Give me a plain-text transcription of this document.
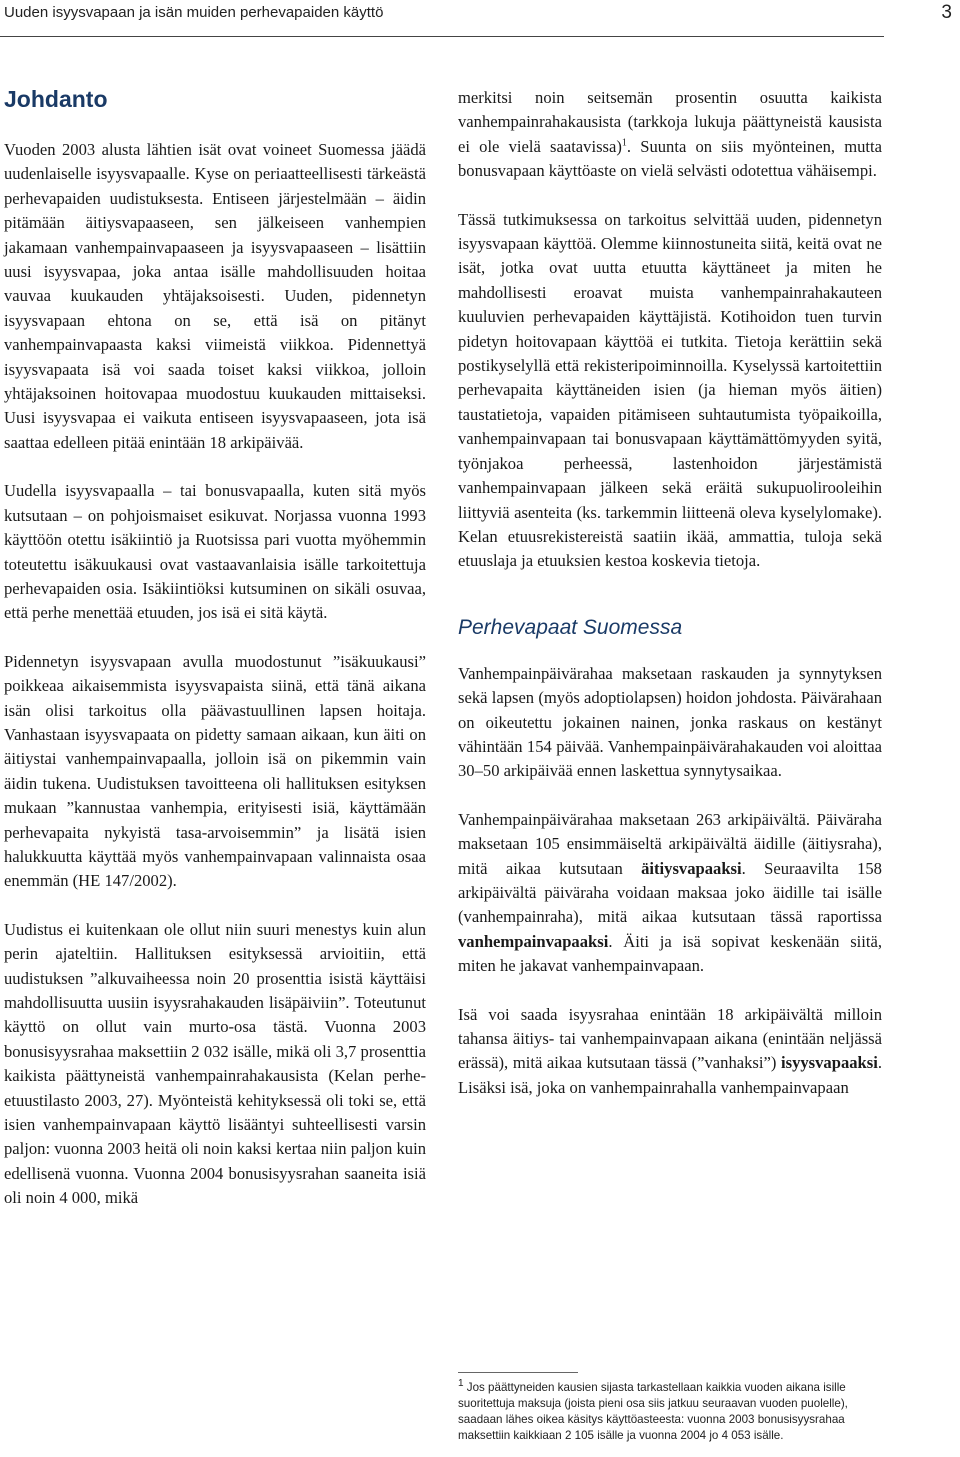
Uuden isyysvapaan ja isän muiden perhevapaiden käyttö	3
Johdanto

Vuoden 2003 alusta lähtien isät ovat voineet Suomessa jäädä uudenlaiselle isyysvapaalle. Kyse on periaatteellisesti tärkeästä perhevapaiden uudistuksesta. Entiseen järjestelmään – äidin pitämään äitiysvapaaseen, sen jälkeiseen vanhempien jakamaan vanhempainvapaaseen ja isyysvapaaseen – lisättiin uusi isyysvapaa, joka antaa isälle mahdollisuuden hoitaa vauvaa kuukauden yhtäjaksoisesti. Uuden, pidennetyn isyysvapaan ehtona on se, että isä on pitänyt vanhempainvapaasta kaksi viimeistä viikkoa. Pidennettyä isyysvapaata isä voi saada toiset kaksi viikkoa, jolloin yhtäjaksoinen hoitovapaa muodostuu kuukauden mittaiseksi. Uusi isyysvapaa ei vaikuta entiseen isyysvapaaseen, jota isä saattaa edelleen pitää enintään 18 arkipäivää.

Uudella isyysvapaalla – tai bonusvapaalla, kuten sitä myös kutsutaan – on pohjoismaiset esikuvat. Norjassa vuonna 1993 käyttöön otettu isäkiintiö ja Ruotsissa pari vuotta myöhemmin toteutettu isäkuukausi ovat vastaavanlaisia isälle tarkoitettuja perhevapaiden osia. Isäkiintiöksi kutsuminen on sikäli osuvaa, että perhe menettää etuuden, jos isä ei sitä käytä.

Pidennetyn isyysvapaan avulla muodostunut ”isäkuukausi” poikkeaa aikaisemmista isyysvapaista siinä, että tänä aikana isän olisi tarkoitus olla päävastuullinen lapsen hoitaja. Vanhastaan isyysvapaata on pidetty samaan aikaan, kun äiti on äitiystai vanhempainvapaalla, jolloin isä on pikemmin vain äidin tukena. Uudistuksen tavoitteena oli hallituksen esityksen mukaan ”kannustaa vanhempia, erityisesti isiä, käyttämään perhevapaita nykyistä tasa-arvoisemmin” ja lisätä isien halukkuutta käyttää myös vanhempainvapaan valinnaista osaa enemmän (HE 147/2002).

Uudistus ei kuitenkaan ole ollut niin suuri menestys kuin alun perin ajateltiin. Hallituksen esityksessä arvioitiin, että uudistuksen ”alkuvaiheessa noin 20 prosenttia isistä käyttäisi mahdollisuutta uusiin isyysrahakauden lisäpäiviin”. Toteutunut käyttö on ollut vain murto-osa tästä. Vuonna 2003 bonusisyysrahaa maksettiin 2 032 isälle, mikä oli 3,7 prosenttia kaikista päättyneistä vanhempainrahakausista (Kelan perhe-etuustilasto 2003, 27). Myönteistä kehityksessä oli toki se, että isien vanhempainvapaan käyttö lisääntyi suhteellisesti varsin paljon: vuonna 2003 heitä oli noin kaksi kertaa niin paljon kuin edellisenä vuonna. Vuonna 2004 bonusisyysrahan saaneita isiä oli noin 4 000, mikä

merkitsi noin seitsemän prosentin osuutta kaikista vanhempainrahakausista (tarkkoja lukuja päättyneistä kausista ei ole vielä saatavissa)$^1$. Suunta on siis myönteinen, mutta bonusvapaan käyttöaste on vielä selvästi odotettua vähäisempi.

Tässä tutkimuksessa on tarkoitus selvittää uuden, pidennetyn isyysvapaan käyttöä. Olemme kiinnostuneita siitä, keitä ovat ne isät, jotka ovat uutta etuutta käyttäneet ja miten he mahdollisesti eroavat muista vanhempainrahakauteen kuuluvien perhevapaiden käyttäjistä. Kotihoidon tuen turvin pidetyn hoitovapaan käyttöä ei tutkita. Tietoja kerättiin sekä postikyselyllä että rekisteripoiminnoilla. Kyselyssä kartoitettiin perhevapaita käyttäneiden isien (ja hieman myös äitien) taustatietoja, vapaiden pitämiseen suhtautumista työpaikoilla, vanhempainvapaan tai bonusvapaan käyttämättömyyden syitä, työnjakoa perheessä, lastenhoidon järjestämistä vanhempainvapaan jälkeen sekä eräitä sukupuolirooleihin liittyviä asenteita (ks. tarkemmin liitteenä oleva kyselylomake). Kelan etuusrekistereistä saatiin ikää, ammattia, tuloja sekä etuuslaja ja etuuksien kestoa koskevia tietoja.

Perhevapaat Suomessa

Vanhempainpäivärahaa maksetaan raskauden ja synnytyksen sekä lapsen (myös adoptiolapsen) hoidon johdosta. Päivärahaan on oikeutettu jokainen nainen, jonka raskaus on kestänyt vähintään 154 päivää. Vanhempainpäivärahakauden voi aloittaa 30–50 arkipäivää ennen laskettua synnytysaikaa.

Vanhempainpäivärahaa maksetaan 263 arkipäivältä. Päiväraha maksetaan 105 ensimmäiseltä arkipäivältä äidille (äitiysraha), mitä aikaa kutsutaan äitiysvapaaksi. Seuraavilta 158 arkipäivältä päiväraha voidaan maksaa joko äidille tai isälle (vanhempainraha), mitä aikaa kutsutaan tässä raportissa vanhempainvapaaksi. Äiti ja isä sopivat keskenään siitä, miten he jakavat vanhempainvapaan.

Isä voi saada isyysrahaa enintään 18 arkipäivältä milloin tahansa äitiys- tai vanhempainvapaan aikana (enintään neljässä erässä), mitä aikaa kutsutaan tässä (”vanhaksi”) isyysvapaaksi. Lisäksi isä, joka on vanhempainrahalla vanhempainvapaan

$^1$ Jos päättyneiden kausien sijasta tarkastellaan kaikkia vuoden aikana isille suoritettuja maksuja (joista pieni osa siis jatkuu seuraavan vuoden puolelle), saadaan lähes oikea käsitys käyttöasteesta: vuonna 2003 bonusisyysrahaa maksettiin kaikkiaan 2 105 isälle ja vuonna 2004 jo 4 053 isälle.
